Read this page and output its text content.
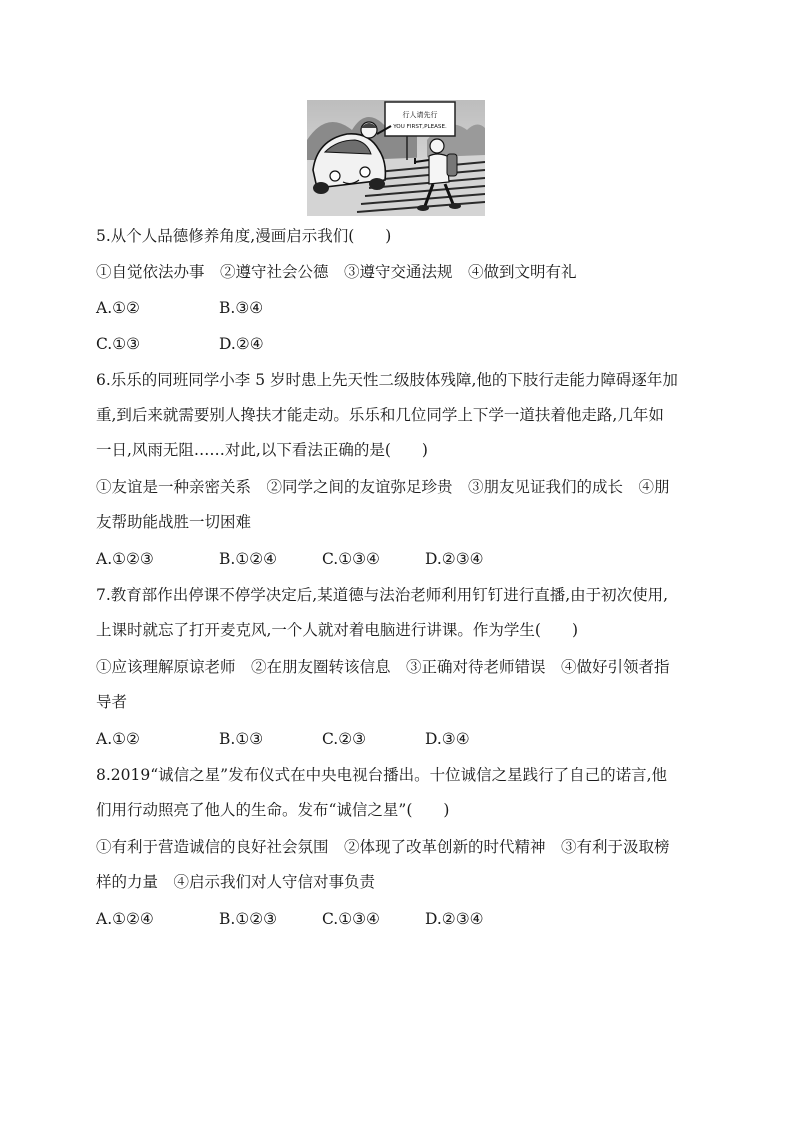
行人请先行
YOU FIRST,PLEASE.
5.从个人品德修养角度,漫画启示我们(　　)
①自觉依法办事　②遵守社会公德　③遵守交通法规　④做到文明有礼
A.①②	B.③④
C.①③	D.②④
6.乐乐的同班同学小李 5 岁时患上先天性二级肢体残障,他的下肢行走能力障碍逐年加
重,到后来就需要别人搀扶才能走动。乐乐和几位同学上下学一道扶着他走路,几年如
一日,风雨无阻……对此,以下看法正确的是(　　)
①友谊是一种亲密关系　②同学之间的友谊弥足珍贵　③朋友见证我们的成长　④朋
友帮助能战胜一切困难
A.①②③	B.①②④	C.①③④	D.②③④
7.教育部作出停课不停学决定后,某道德与法治老师利用钉钉进行直播,由于初次使用,
上课时就忘了打开麦克风,一个人就对着电脑进行讲课。作为学生(　　)
①应该理解原谅老师　②在朋友圈转该信息　③正确对待老师错误　④做好引领者指
导者
A.①②	B.①③	C.②③	D.③④
8.2019“诚信之星”发布仪式在中央电视台播出。十位诚信之星践行了自己的诺言,他
们用行动照亮了他人的生命。发布“诚信之星”(　　)
①有利于营造诚信的良好社会氛围　②体现了改革创新的时代精神　③有利于汲取榜
样的力量　④启示我们对人守信对事负责
A.①②④	B.①②③	C.①③④	D.②③④
